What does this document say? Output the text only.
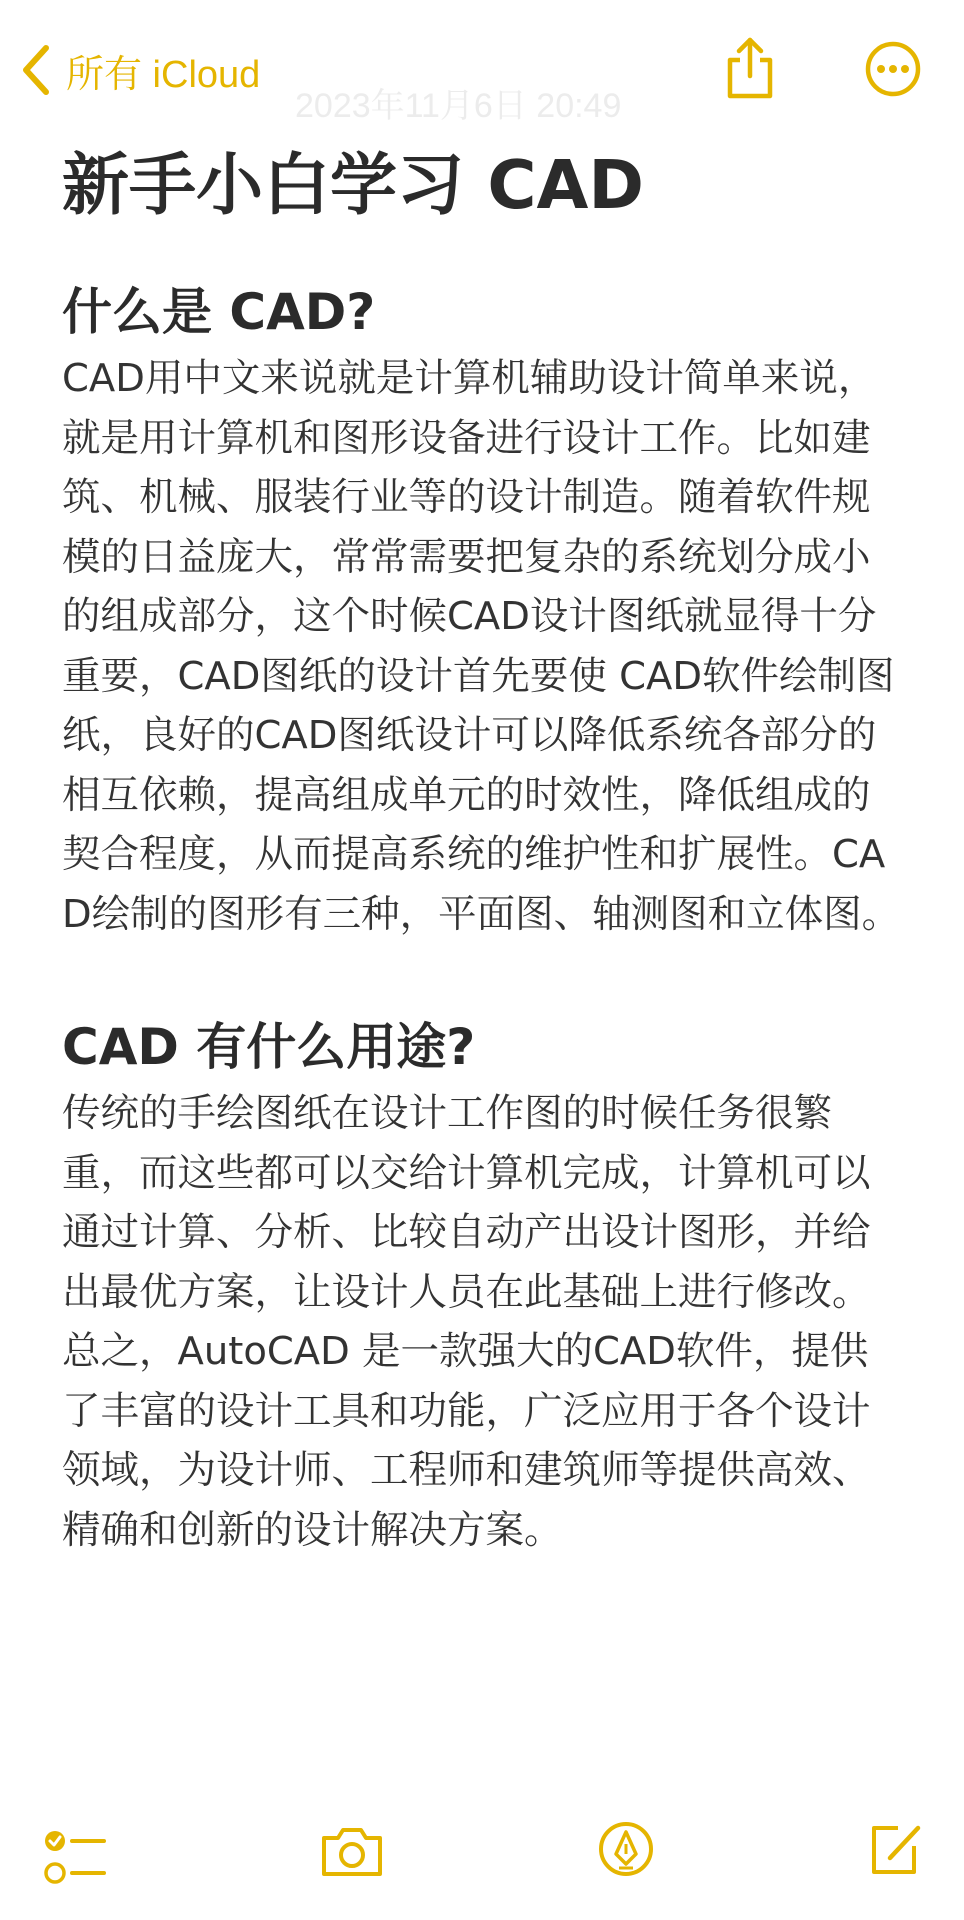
所有 iCloud
2023年11月6日 20:49
新手小白学习 CAD
什么是 CAD?

CAD用中文来说就是计算机辅助设计简单来说，就是用计算机和图形设备进行设计工作。比如建筑、机械、服装行业等的设计制造。随着软件规模的日益庞大，常常需要把复杂的系统划分成小的组成部分，这个时候CAD设计图纸就显得十分重要，CAD图纸的设计首先要使 CAD软件绘制图纸，良好的CAD图纸设计可以降低系统各部分的相互依赖，提高组成单元的时效性，降低组成的契合程度，从而提高系统的维护性和扩展性。CAD绘制的图形有三种，平面图、轴测图和立体图。

CAD 有什么用途?

传统的手绘图纸在设计工作图的时候任务很繁重，而这些都可以交给计算机完成，计算机可以通过计算、分析、比较自动产出设计图形，并给出最优方案，让设计人员在此基础上进行修改。总之，AutoCAD 是一款强大的CAD软件，提供了丰富的设计工具和功能，广泛应用于各个设计领域，为设计师、工程师和建筑师等提供高效、精确和创新的设计解决方案。
